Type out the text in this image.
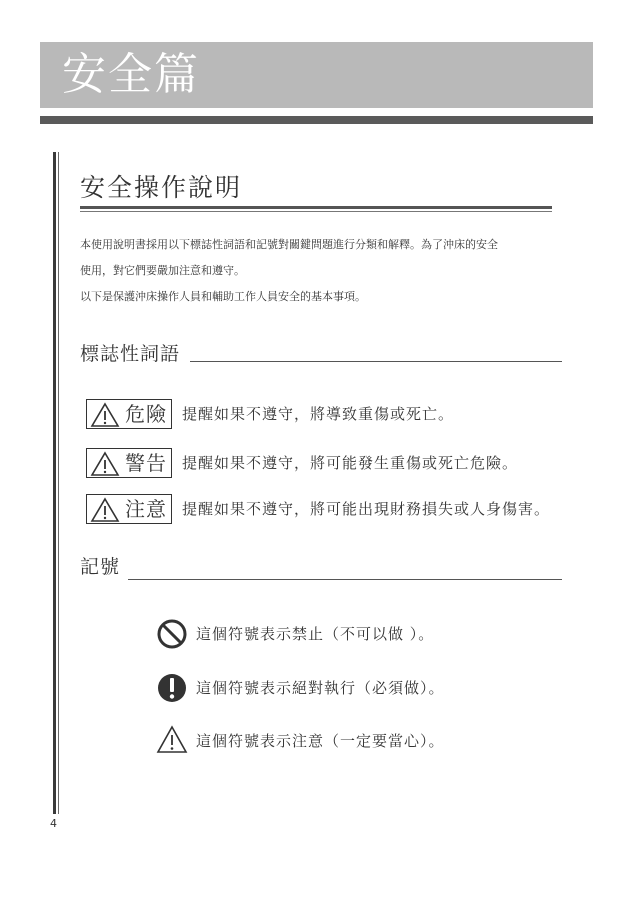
安全篇
安全操作說明

本使用說明書採用以下標誌性詞語和記號對關鍵問題進行分類和解釋。為了沖床的安全

使用，對它們要嚴加注意和遵守。

以下是保護沖床操作人員和輔助工作人員安全的基本事項。

標誌性詞語
危險 提醒如果不遵守，將導致重傷或死亡。
警告 提醒如果不遵守，將可能發生重傷或死亡危險。
注意 提醒如果不遵守，將可能出現財務損失或人身傷害。
記號
這個符號表示禁止（不可以做 ）。
這個符號表示絕對執行（必須做）。
這個符號表示注意（一定要當心）。
4
